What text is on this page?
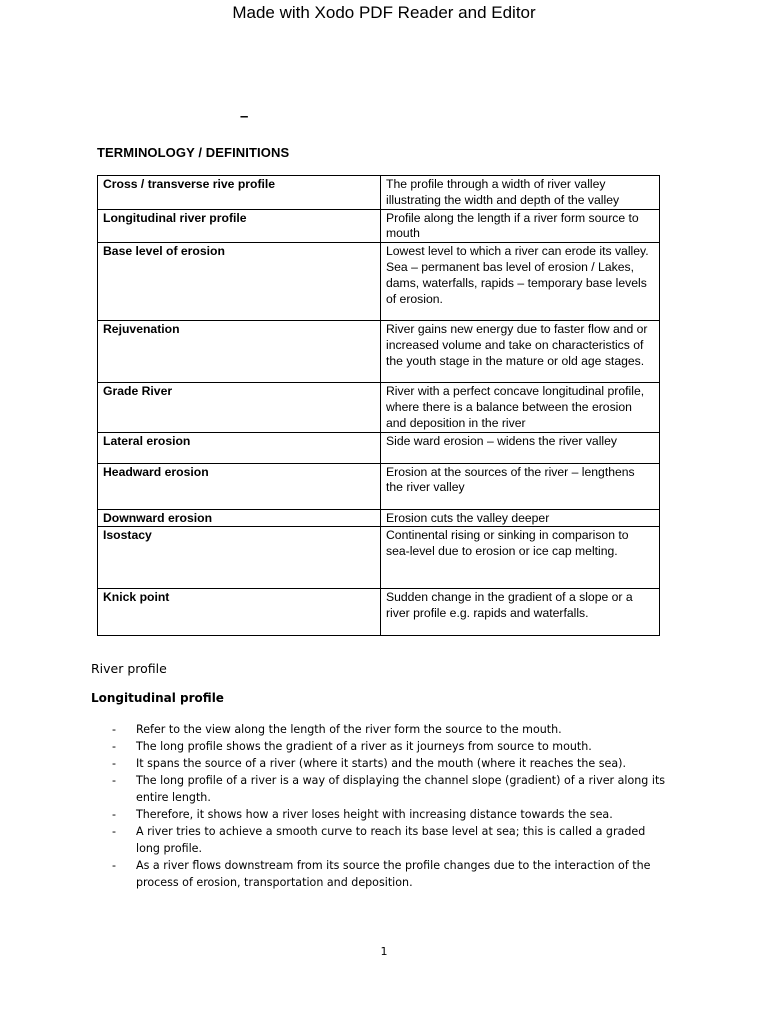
Made with Xodo PDF Reader and Editor
–
TERMINOLOGY / DEFINITIONS
Cross / transverse rive profile	The profile through a width of river valley illustrating the width and depth of the valley
Longitudinal river profile	Profile along the length if a river form source to mouth
Base level of erosion	Lowest level to which a river can erode its valley. Sea – permanent bas level of erosion / Lakes, dams, waterfalls, rapids – temporary base levels of erosion.
Rejuvenation	River gains new energy due to faster flow and or increased volume and take on characteristics of the youth stage in the mature or old age stages.
Grade River	River with a perfect concave longitudinal profile, where there is a balance between the erosion and deposition in the river
Lateral erosion	Side ward erosion – widens the river valley
Headward erosion	Erosion at the sources of the river – lengthens the river valley
Downward erosion	Erosion cuts the valley deeper
Isostacy	Continental rising or sinking in comparison to sea-level due to erosion or ice cap melting.
Knick point	Sudden change in the gradient of a slope or a river profile e.g. rapids and waterfalls.
River profile
Longitudinal profile
- Refer to the view along the length of the river form the source to the mouth.
- The long profile shows the gradient of a river as it journeys from source to mouth.
- It spans the source of a river (where it starts) and the mouth (where it reaches the sea).
- The long profile of a river is a way of displaying the channel slope (gradient) of a river along its entire length.
- Therefore, it shows how a river loses height with increasing distance towards the sea.
- A river tries to achieve a smooth curve to reach its base level at sea; this is called a graded long profile.
- As a river flows downstream from its source the profile changes due to the interaction of the process of erosion, transportation and deposition.
1
